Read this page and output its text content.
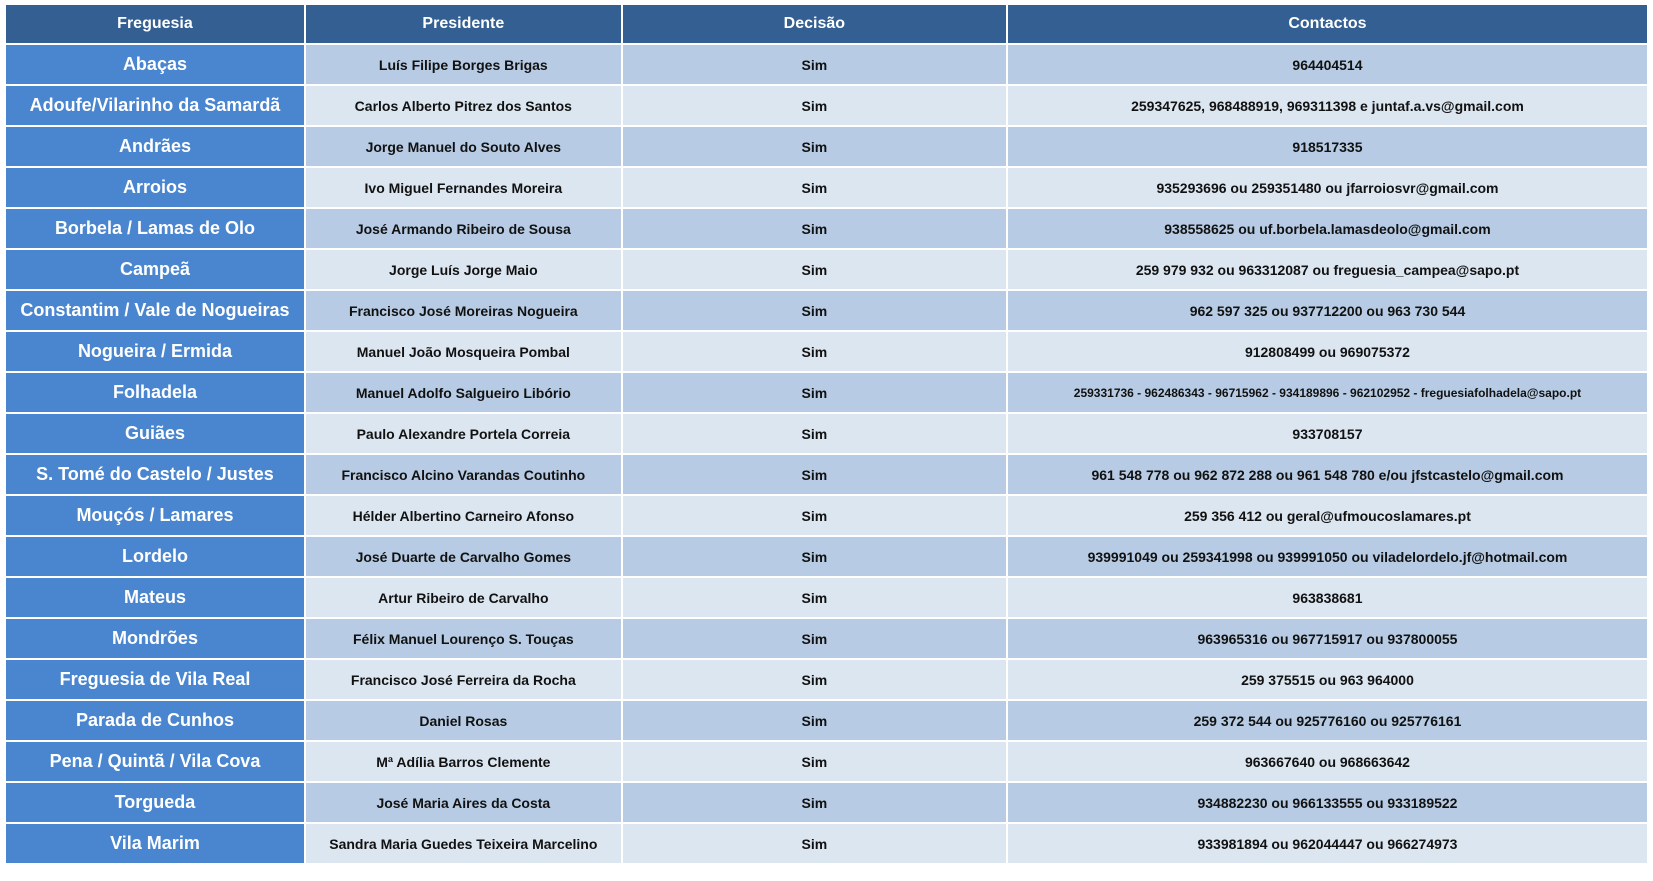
Freguesia	Presidente	Decisão	Contactos
Abaças	Luís Filipe Borges Brigas	Sim	964404514
Adoufe/Vilarinho da Samardã	Carlos Alberto Pitrez dos Santos	Sim	259347625, 968488919, 969311398 e juntaf.a.vs@gmail.com
Andrães	Jorge Manuel do Souto Alves	Sim	918517335
Arroios	Ivo Miguel Fernandes Moreira	Sim	935293696 ou 259351480 ou jfarroiosvr@gmail.com
Borbela / Lamas de Olo	José Armando Ribeiro de Sousa	Sim	938558625 ou uf.borbela.lamasdeolo@gmail.com
Campeã	Jorge Luís Jorge Maio	Sim	259 979 932 ou 963312087 ou freguesia_campea@sapo.pt
Constantim / Vale de Nogueiras	Francisco José Moreiras Nogueira	Sim	962 597 325 ou 937712200 ou 963 730 544
Nogueira / Ermida	Manuel João Mosqueira Pombal	Sim	912808499 ou 969075372
Folhadela	Manuel Adolfo Salgueiro Libório	Sim	259331736 - 962486343 - 96715962 - 934189896 - 962102952 - freguesiafolhadela@sapo.pt
Guiães	Paulo Alexandre Portela Correia	Sim	933708157
S. Tomé do Castelo / Justes	Francisco Alcino Varandas Coutinho	Sim	961 548 778 ou 962 872 288 ou 961 548 780 e/ou jfstcastelo@gmail.com
Mouçós / Lamares	Hélder Albertino Carneiro Afonso	Sim	259 356 412 ou geral@ufmoucoslamares.pt
Lordelo	José Duarte de Carvalho Gomes	Sim	939991049 ou 259341998 ou 939991050 ou viladelordelo.jf@hotmail.com
Mateus	Artur Ribeiro de Carvalho	Sim	963838681
Mondrões	Félix Manuel Lourenço S. Touças	Sim	963965316 ou 967715917 ou 937800055
Freguesia de Vila Real	Francisco José Ferreira da Rocha	Sim	259 375515 ou 963 964000
Parada de Cunhos	Daniel Rosas	Sim	259 372 544 ou 925776160 ou 925776161
Pena / Quintã / Vila Cova	Mª Adília Barros Clemente	Sim	963667640 ou 968663642
Torgueda	José Maria Aires da Costa	Sim	934882230 ou 966133555 ou 933189522
Vila Marim	Sandra Maria Guedes Teixeira Marcelino	Sim	933981894 ou 962044447 ou 966274973
